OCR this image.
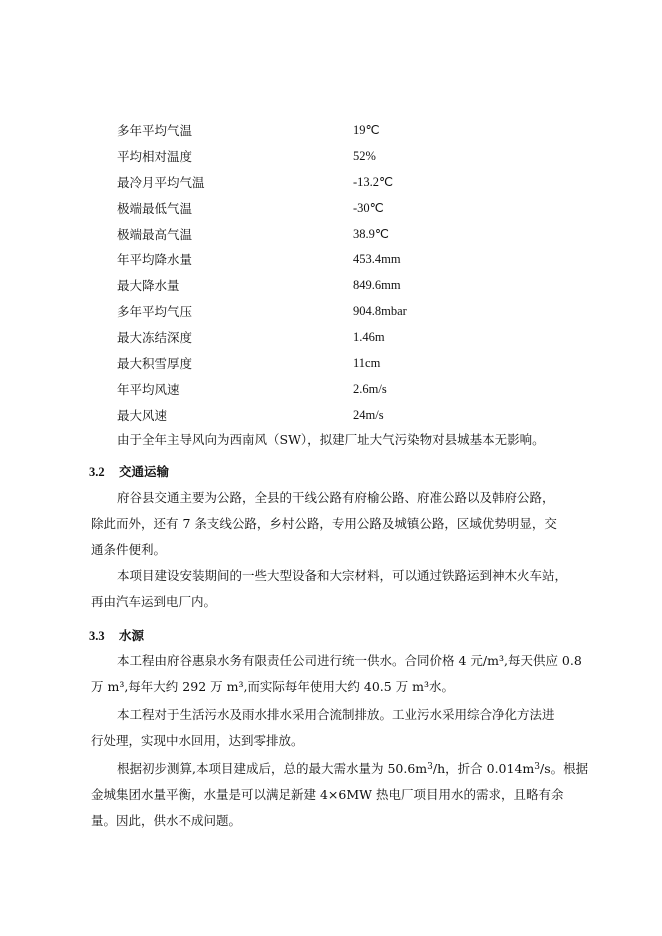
多年平均气温	19℃
平均相对温度	52%
最冷月平均气温	-13.2℃
极端最低气温	-30℃
极端最高气温	38.9℃
年平均降水量	453.4mm
最大降水量	849.6mm
多年平均气压	904.8mbar
最大冻结深度	1.46m
最大积雪厚度	11cm
年平均风速	2.6m/s
最大风速	24m/s
由于全年主导风向为西南风（SW），拟建厂址大气污染物对县城基本无影响。
3.2 交通运输
府谷县交通主要为公路，全县的干线公路有府榆公路、府准公路以及韩府公路，
除此而外，还有 7 条支线公路，乡村公路，专用公路及城镇公路，区域优势明显，交
通条件便利。
本项目建设安装期间的一些大型设备和大宗材料，可以通过铁路运到神木火车站，
再由汽车运到电厂内。
3.3 水源
本工程由府谷惠泉水务有限责任公司进行统一供水。合同价格 4 元/m³,每天供应 0.8
万 m³,每年大约 292 万 m³,而实际每年使用大约 40.5 万 m³水。
本工程对于生活污水及雨水排水采用合流制排放。工业污水采用综合净化方法进
行处理，实现中水回用，达到零排放。
根据初步测算,本项目建成后，总的最大需水量为 $50.6m^3/h$，折合 $0.014m^3/s$。根据
金城集团水量平衡，水量是可以满足新建 4×6MW 热电厂项目用水的需求，且略有余
量。因此，供水不成问题。
